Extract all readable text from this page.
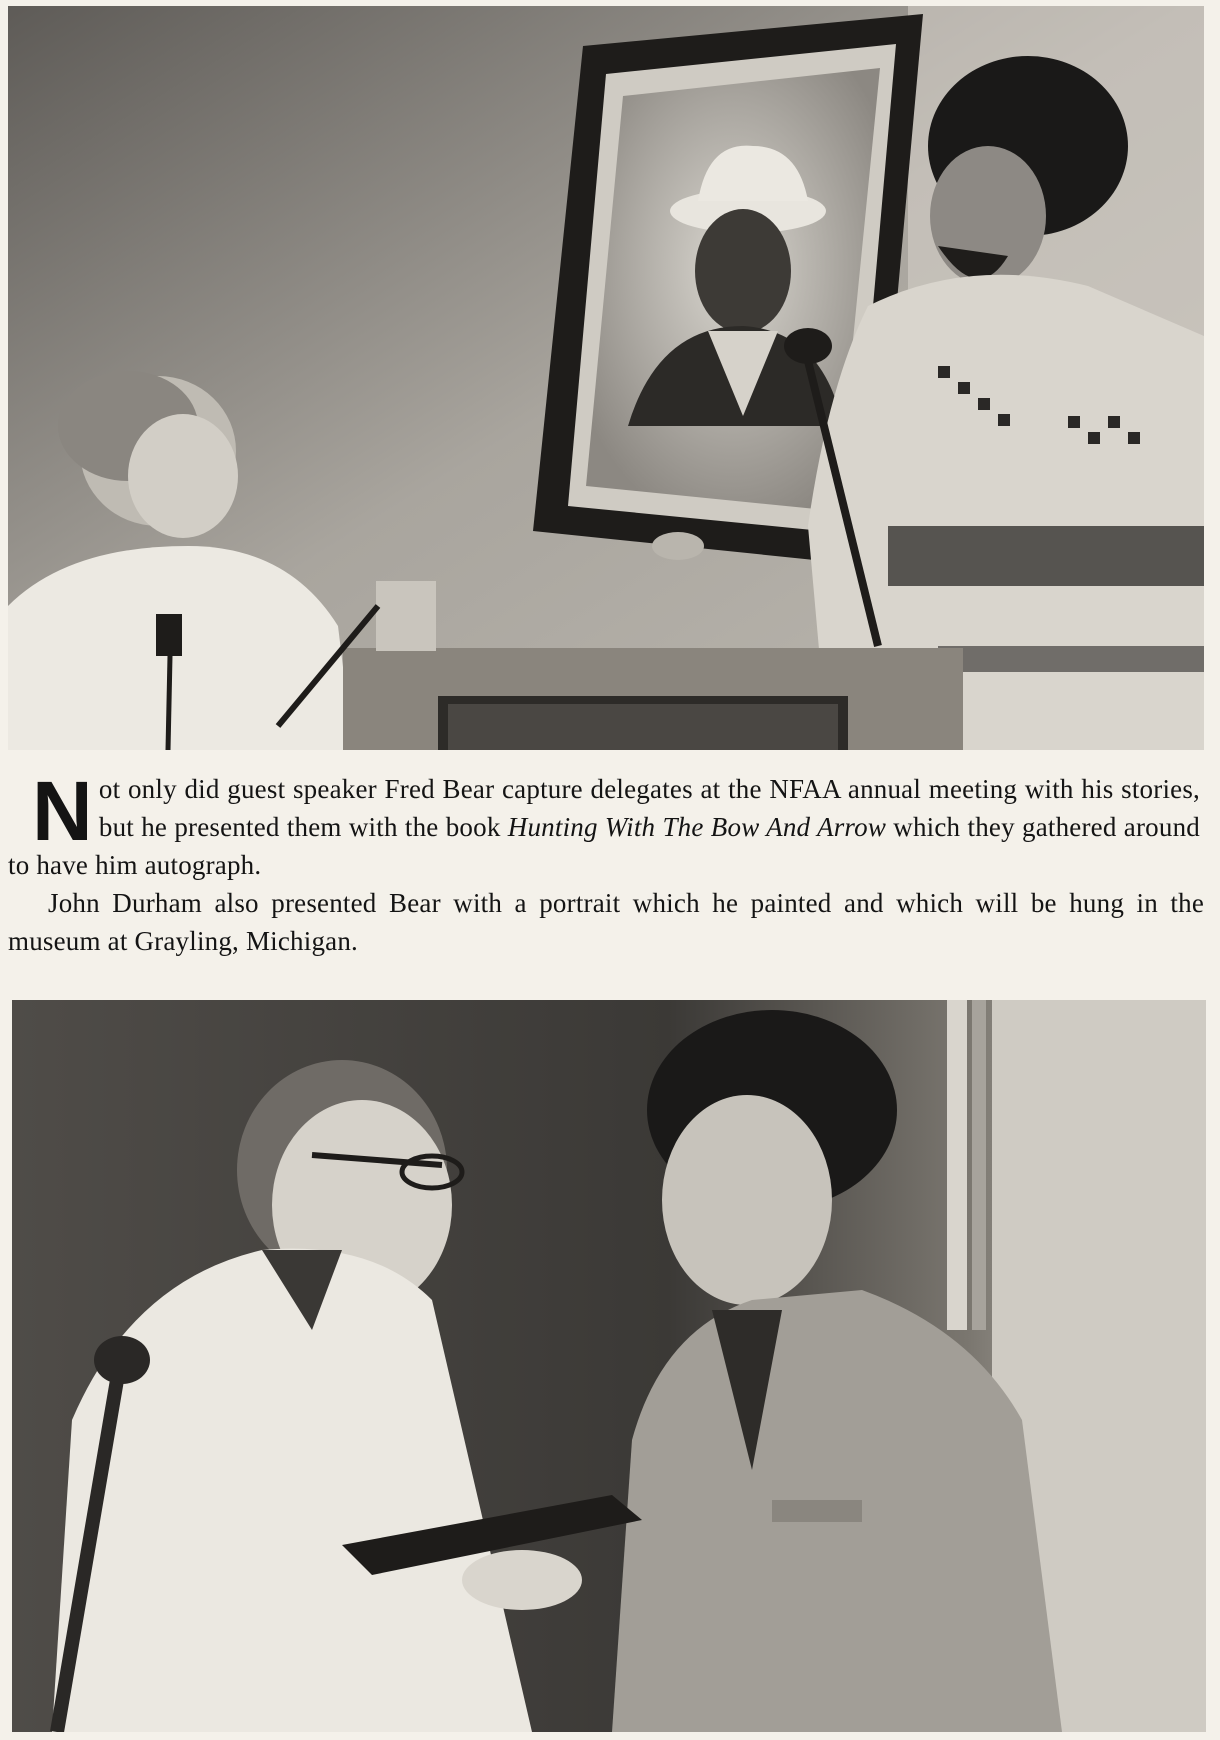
Not only did guest speaker Fred Bear capture delegates at the NFAA annual meeting with his stories, but he presented them with the book Hunting With The Bow And Arrow which they gathered around to have him autograph.

John Durham also presented Bear with a portrait which he painted and which will be hung in the museum at Grayling, Michigan.
